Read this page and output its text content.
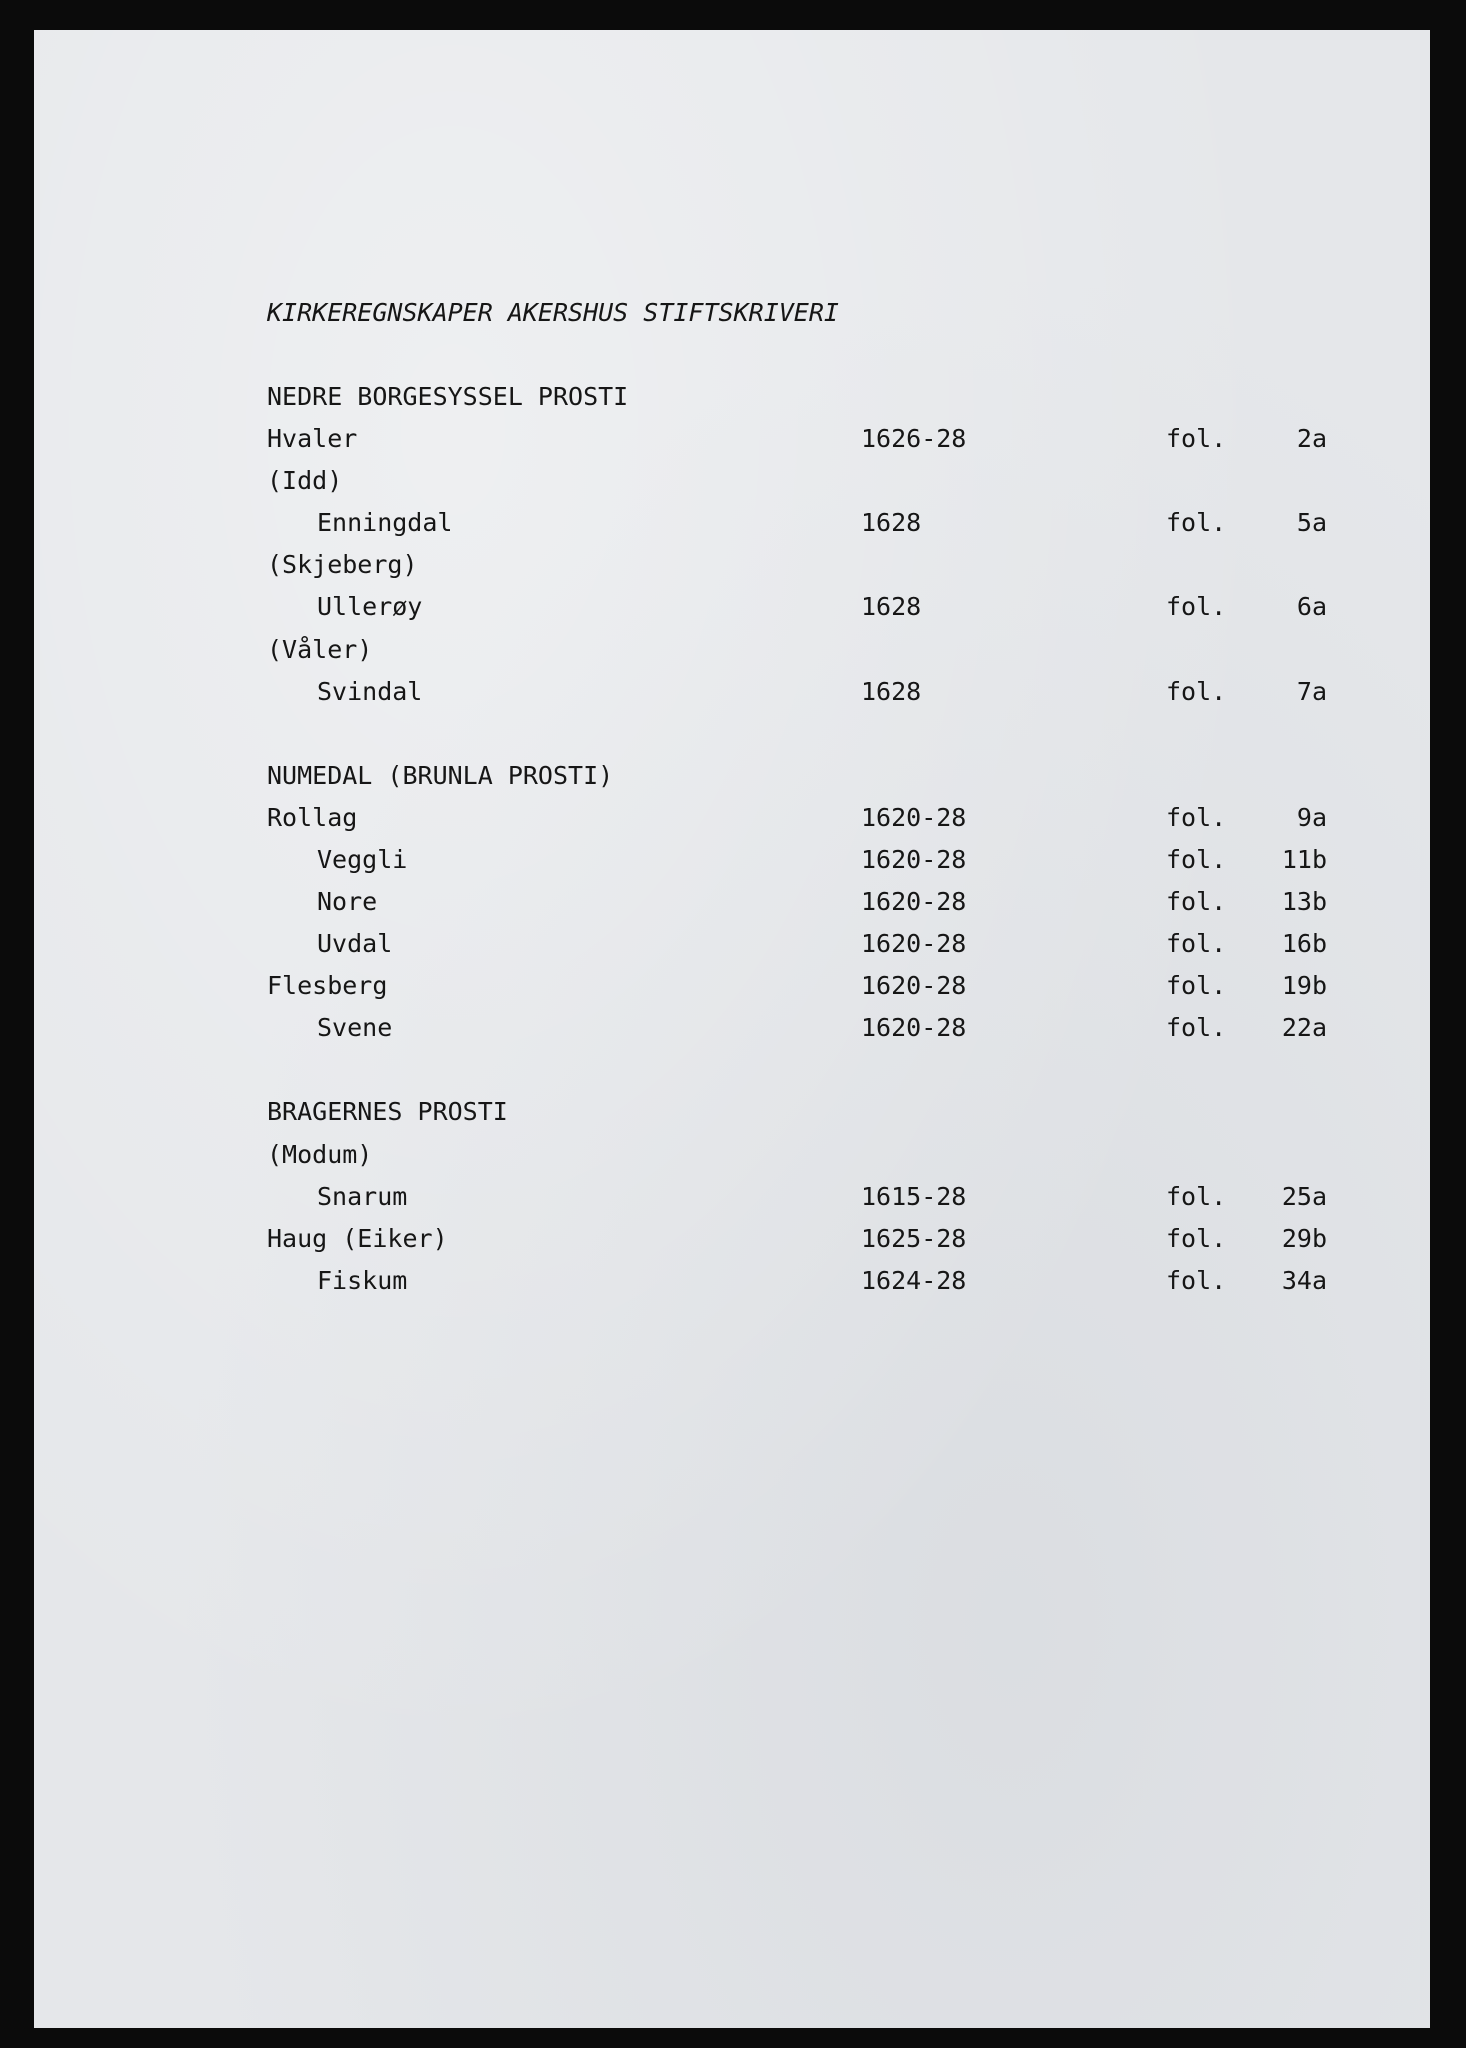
KIRKEREGNSKAPER AKERSHUS STIFTSKRIVERI
NEDRE BORGESYSSEL PROSTI
Hvaler	1626-28	fol.	2a
(Idd)
Enningdal	1628	fol.	5a
(Skjeberg)
Ullerøy	1628	fol.	6a
(Våler)
Svindal	1628	fol.	7a
NUMEDAL (BRUNLA PROSTI)
Rollag	1620-28	fol.	9a
Veggli	1620-28	fol. 11b
Nore	1620-28	fol. 13b
Uvdal	1620-28	fol. 16b
Flesberg	1620-28	fol. 19b
Svene	1620-28	fol. 22a
BRAGERNES PROSTI
(Modum)
Snarum	1615-28	fol. 25a
Haug (Eiker)	1625-28	fol. 29b
Fiskum	1624-28	fol. 34a
